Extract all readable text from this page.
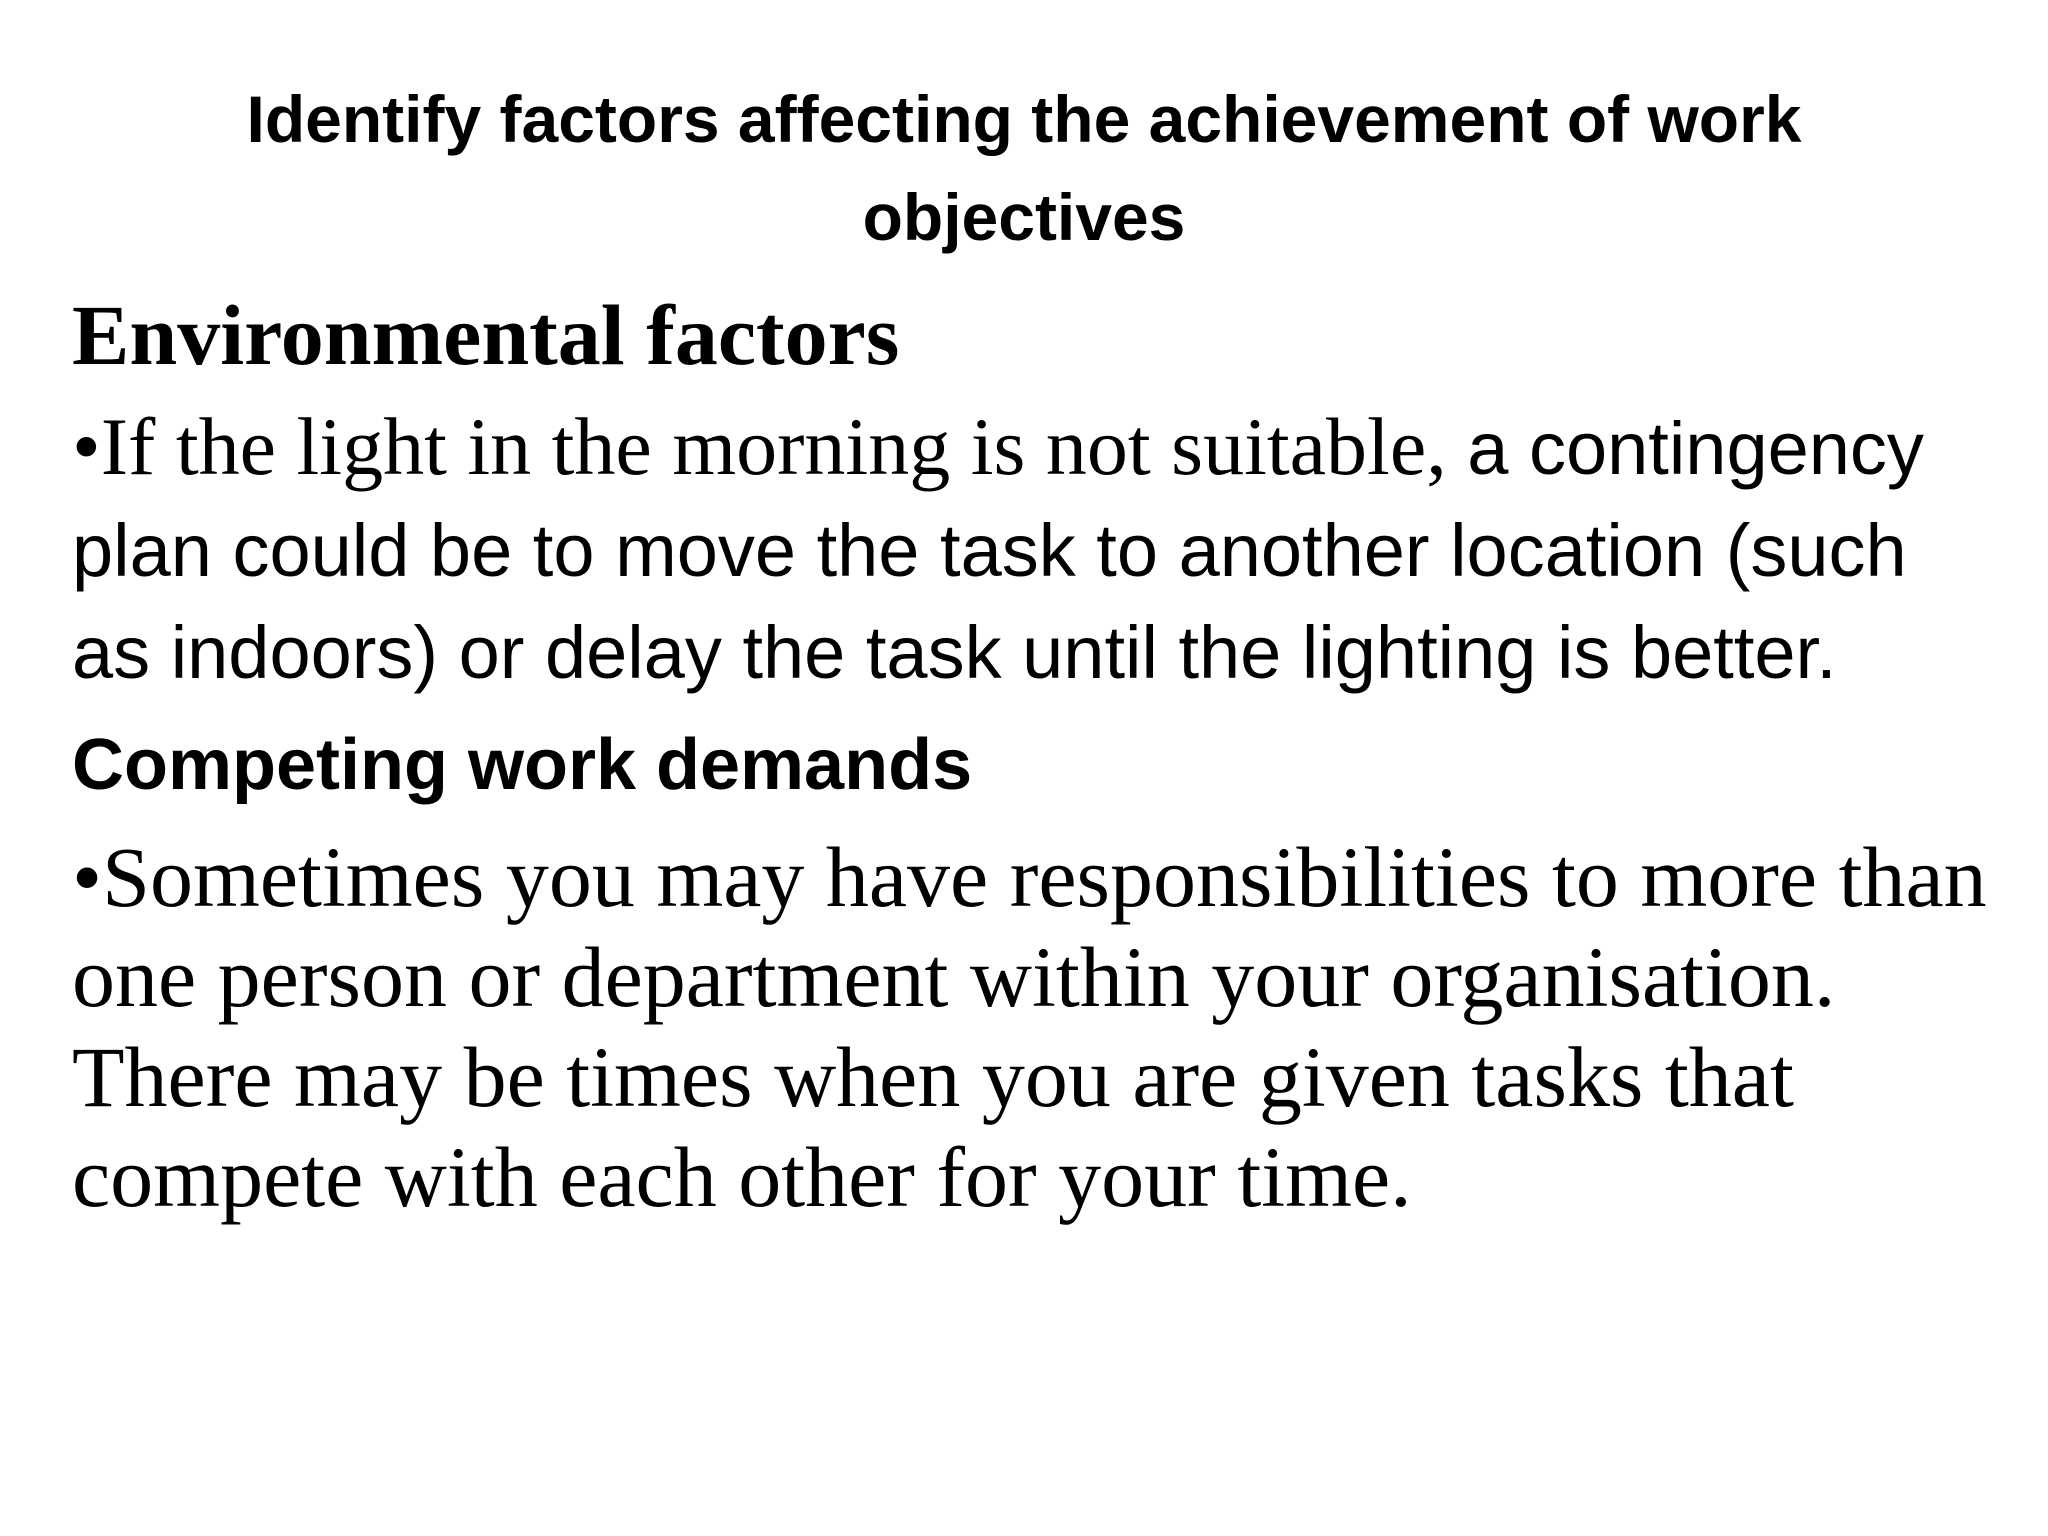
Identify factors affecting the achievement of work objectives
Environmental factors

•If the light in the morning is not suitable, a contingency plan could be to move the task to another location (such as indoors) or delay the task until the lighting is better.

Competing work demands

•Sometimes you may have responsibilities to more than one person or department within your organisation. There may be times when you are given tasks that compete with each other for your time.
